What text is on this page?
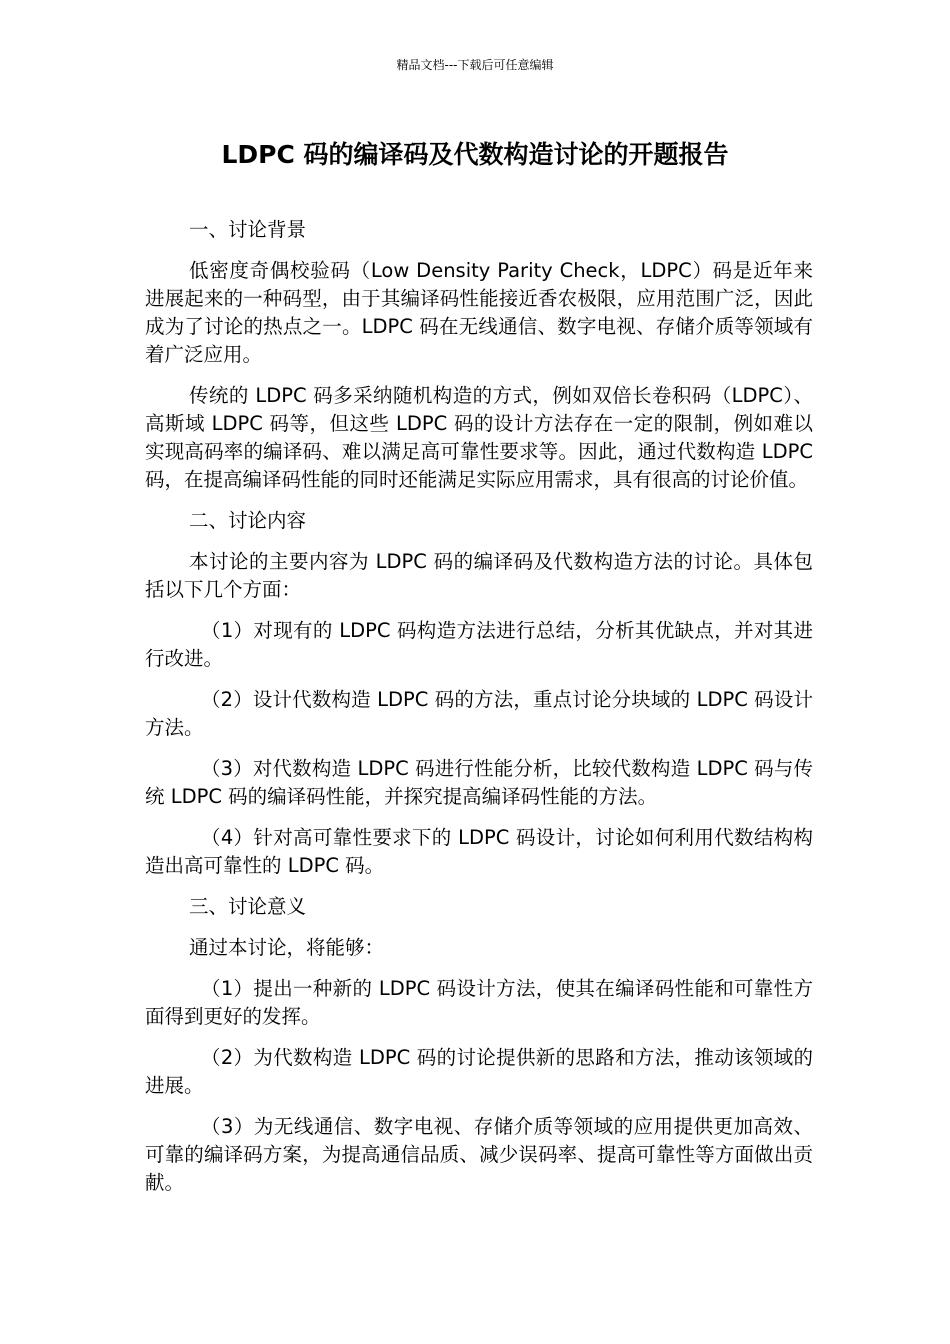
精品文档---下载后可任意编辑
LDPC 码的编译码及代数构造讨论的开题报告

一、讨论背景

低密度奇偶校验码（Low Density Parity Check，LDPC）码是近年来进展起来的一种码型，由于其编译码性能接近香农极限，应用范围广泛，因此成为了讨论的热点之一。LDPC 码在无线通信、数字电视、存储介质等领域有着广泛应用。

传统的 LDPC 码多采纳随机构造的方式，例如双倍长卷积码（LDPC）、高斯域 LDPC 码等，但这些 LDPC 码的设计方法存在一定的限制，例如难以实现高码率的编译码、难以满足高可靠性要求等。因此，通过代数构造 LDPC 码，在提高编译码性能的同时还能满足实际应用需求，具有很高的讨论价值。

二、讨论内容

本讨论的主要内容为 LDPC 码的编译码及代数构造方法的讨论。具体包括以下几个方面：

（1）对现有的 LDPC 码构造方法进行总结，分析其优缺点，并对其进行改进。

（2）设计代数构造 LDPC 码的方法，重点讨论分块域的 LDPC 码设计方法。

（3）对代数构造 LDPC 码进行性能分析，比较代数构造 LDPC 码与传统 LDPC 码的编译码性能，并探究提高编译码性能的方法。

（4）针对高可靠性要求下的 LDPC 码设计，讨论如何利用代数结构构造出高可靠性的 LDPC 码。

三、讨论意义

通过本讨论，将能够：

（1）提出一种新的 LDPC 码设计方法，使其在编译码性能和可靠性方面得到更好的发挥。

（2）为代数构造 LDPC 码的讨论提供新的思路和方法，推动该领域的进展。

（3）为无线通信、数字电视、存储介质等领域的应用提供更加高效、可靠的编译码方案，为提高通信品质、减少误码率、提高可靠性等方面做出贡献。
